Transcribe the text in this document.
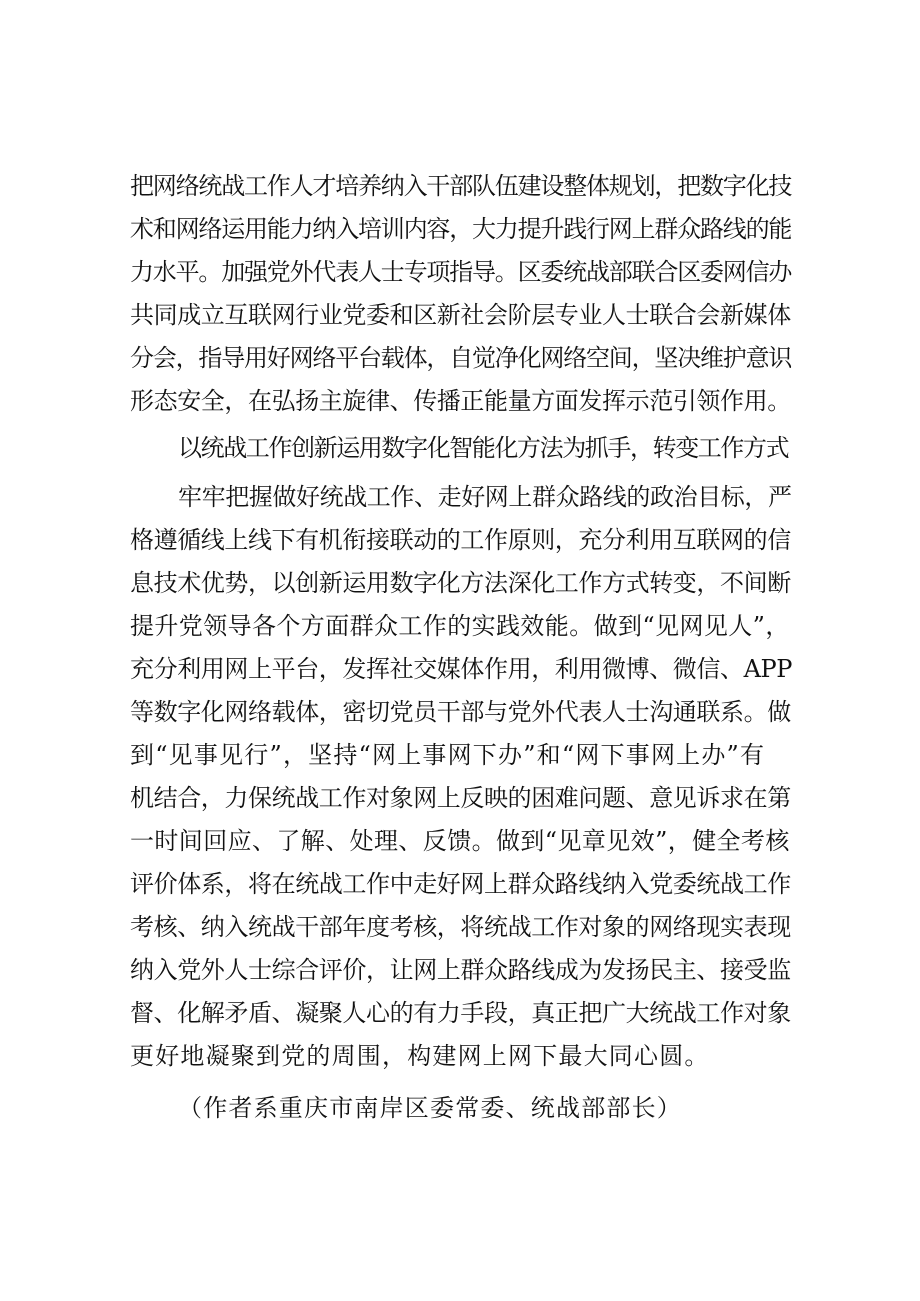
把网络统战工作人才培养纳入干部队伍建设整体规划，把数字化技
术和网络运用能力纳入培训内容，大力提升践行网上群众路线的能
力水平。加强党外代表人士专项指导。区委统战部联合区委网信办
共同成立互联网行业党委和区新社会阶层专业人士联合会新媒体
分会，指导用好网络平台载体，自觉净化网络空间，坚决维护意识
形态安全，在弘扬主旋律、传播正能量方面发挥示范引领作用。
以统战工作创新运用数字化智能化方法为抓手，转变工作方式
牢牢把握做好统战工作、走好网上群众路线的政治目标，严
格遵循线上线下有机衔接联动的工作原则，充分利用互联网的信
息技术优势，以创新运用数字化方法深化工作方式转变，不间断
提升党领导各个方面群众工作的实践效能。做到“见网见人”，
充分利用网上平台，发挥社交媒体作用，利用微博、微信、APP
等数字化网络载体，密切党员干部与党外代表人士沟通联系。做
到“见事见行”，坚持“网上事网下办”和“网下事网上办”有
机结合，力保统战工作对象网上反映的困难问题、意见诉求在第
一时间回应、了解、处理、反馈。做到“见章见效”，健全考核
评价体系，将在统战工作中走好网上群众路线纳入党委统战工作
考核、纳入统战干部年度考核，将统战工作对象的网络现实表现
纳入党外人士综合评价，让网上群众路线成为发扬民主、接受监
督、化解矛盾、凝聚人心的有力手段，真正把广大统战工作对象
更好地凝聚到党的周围，构建网上网下最大同心圆。
（作者系重庆市南岸区委常委、统战部部长）
